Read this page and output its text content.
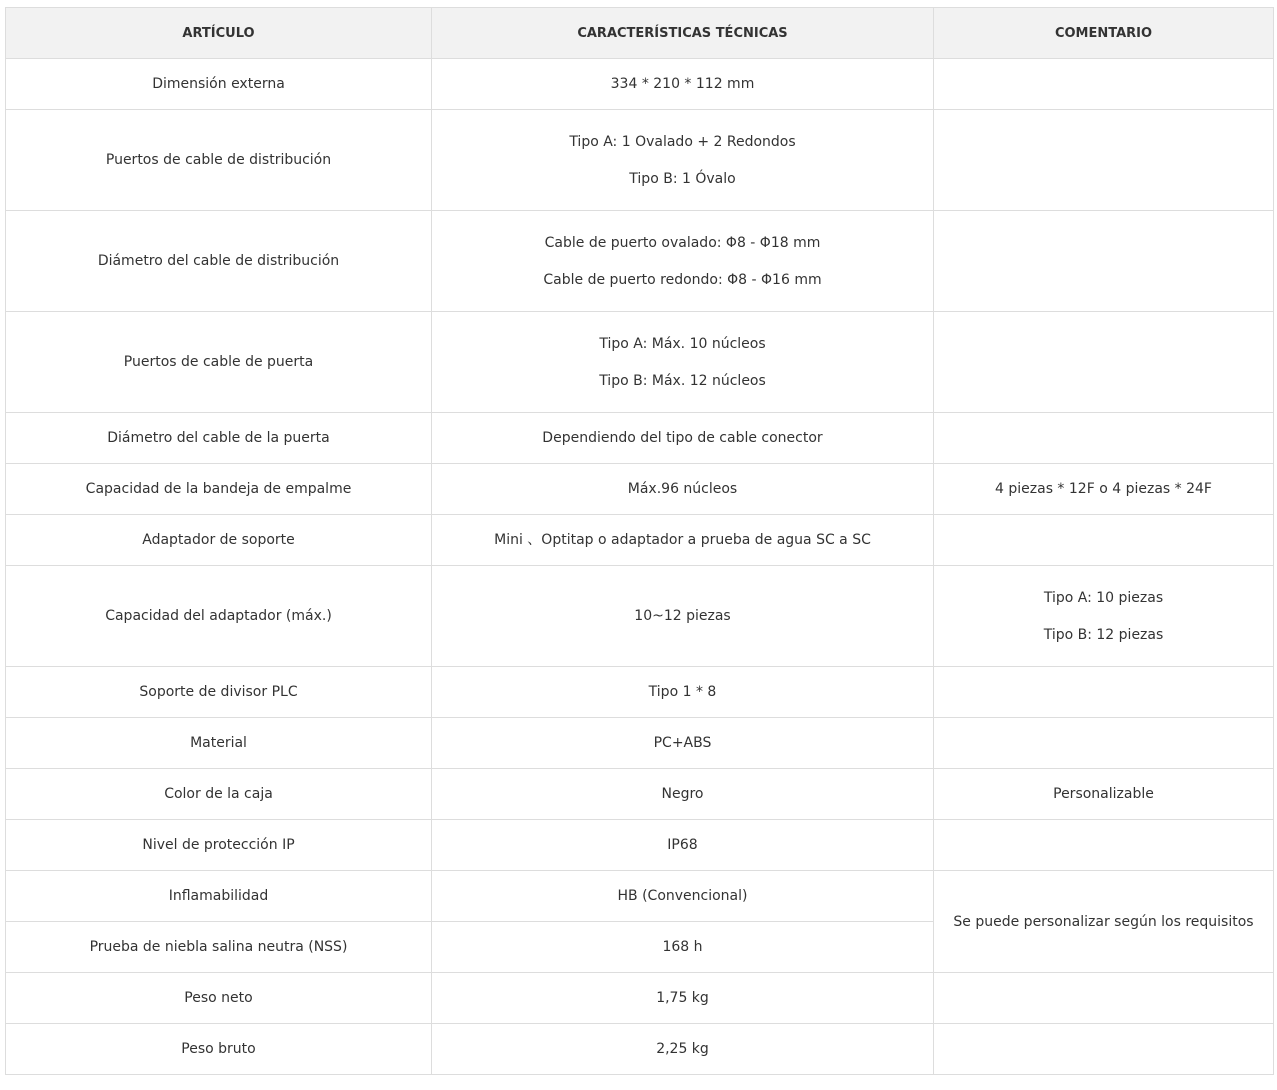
ARTÍCULO	CARACTERÍSTICAS TÉCNICAS	COMENTARIO
Dimensión externa	334 * 210 * 112 mm	

Puertos de cable de distribución	Tipo A: 1 Ovalado + 2 Redondos
Tipo B: 1 Óvalo	

Diámetro del cable de distribución	Cable de puerto ovalado: Φ8 - Φ18 mm
Cable de puerto redondo: Φ8 - Φ16 mm	

Puertos de cable de puerta	Tipo A: Máx. 10 núcleos
Tipo B: Máx. 12 núcleos	

Diámetro del cable de la puerta	Dependiendo del tipo de cable conector	

Capacidad de la bandeja de empalme	Máx.96 núcleos	4 piezas * 12F o 4 piezas * 24F

Adaptador de soporte	Mini 、Optitap o adaptador a prueba de agua SC a SC	

Capacidad del adaptador (máx.)	10~12 piezas	Tipo A: 10 piezas
Tipo B: 12 piezas

Soporte de divisor PLC	Tipo 1 * 8	

Material	PC+ABS	

Color de la caja	Negro	Personalizable

Nivel de protección IP	IP68	

Inflamabilidad	HB (Convencional)	Se puede personalizar según los requisitos

Prueba de niebla salina neutra (NSS)	168 h	

Peso neto	1,75 kg	

Peso bruto	2,25 kg	
